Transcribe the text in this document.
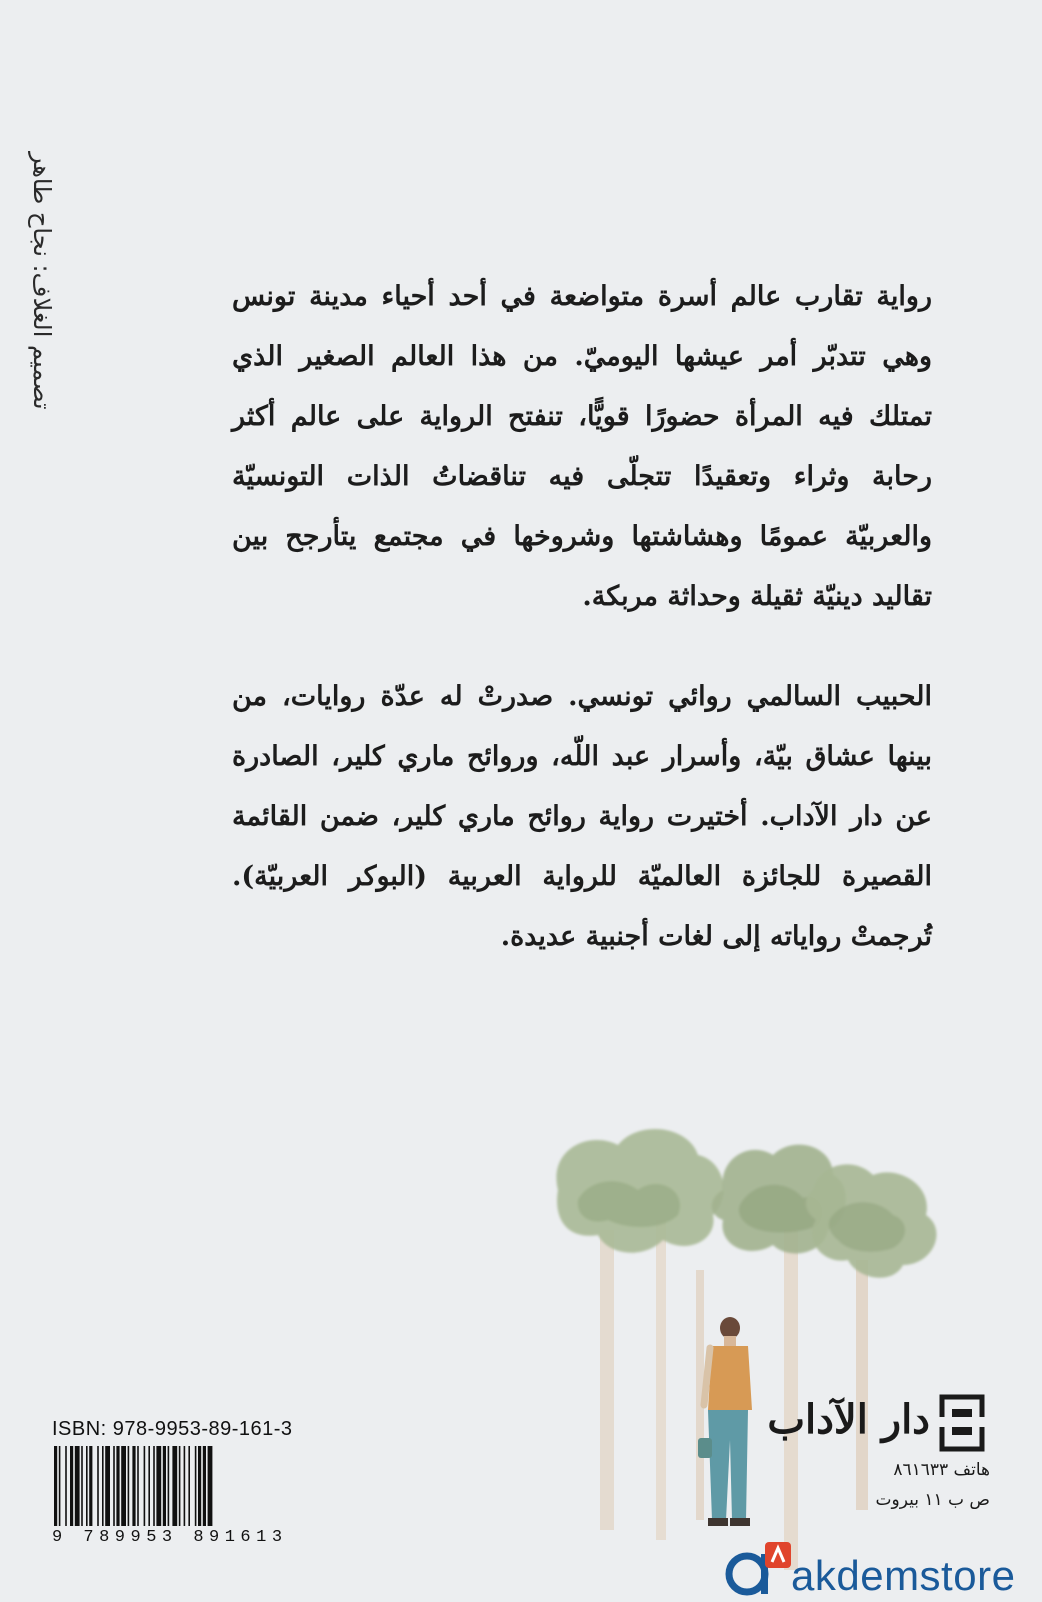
تصميم الغلاف: نجاح طاهر	رواية تقارب عالم أسرة متواضعة في أحد أحياء مدينة تونس وهي تتدبّر أمر عيشها اليوميّ. من هذا العالم الصغير الذي تمتلك فيه المرأة حضورًا قويًّا، تنفتح الرواية على عالم أكثر رحابة وثراء وتعقيدًا تتجلّى فيه تناقضاتُ الذات التونسيّة والعربيّة عمومًا وهشاشتها وشروخها في مجتمع يتأرجح بين تقاليد دينيّة ثقيلة وحداثة مربكة.

الحبيب السالمي روائي تونسي. صدرتْ له عدّة روايات، من بينها عشاق بيّة، وأسرار عبد اللّه، وروائح ماري كلير، الصادرة عن دار الآداب. أختيرت رواية روائح ماري كلير، ضمن القائمة القصيرة للجائزة العالميّة للرواية العربية (البوكر العربيّة). تُرجمتْ رواياته إلى لغات أجنبية عديدة.

دار الآداب
هاتف ٨٦١٦٣٣
ص ب ١١ بيروت
ISBN: 978-9953-89-161-3
9 789953 891613
akdemstore
